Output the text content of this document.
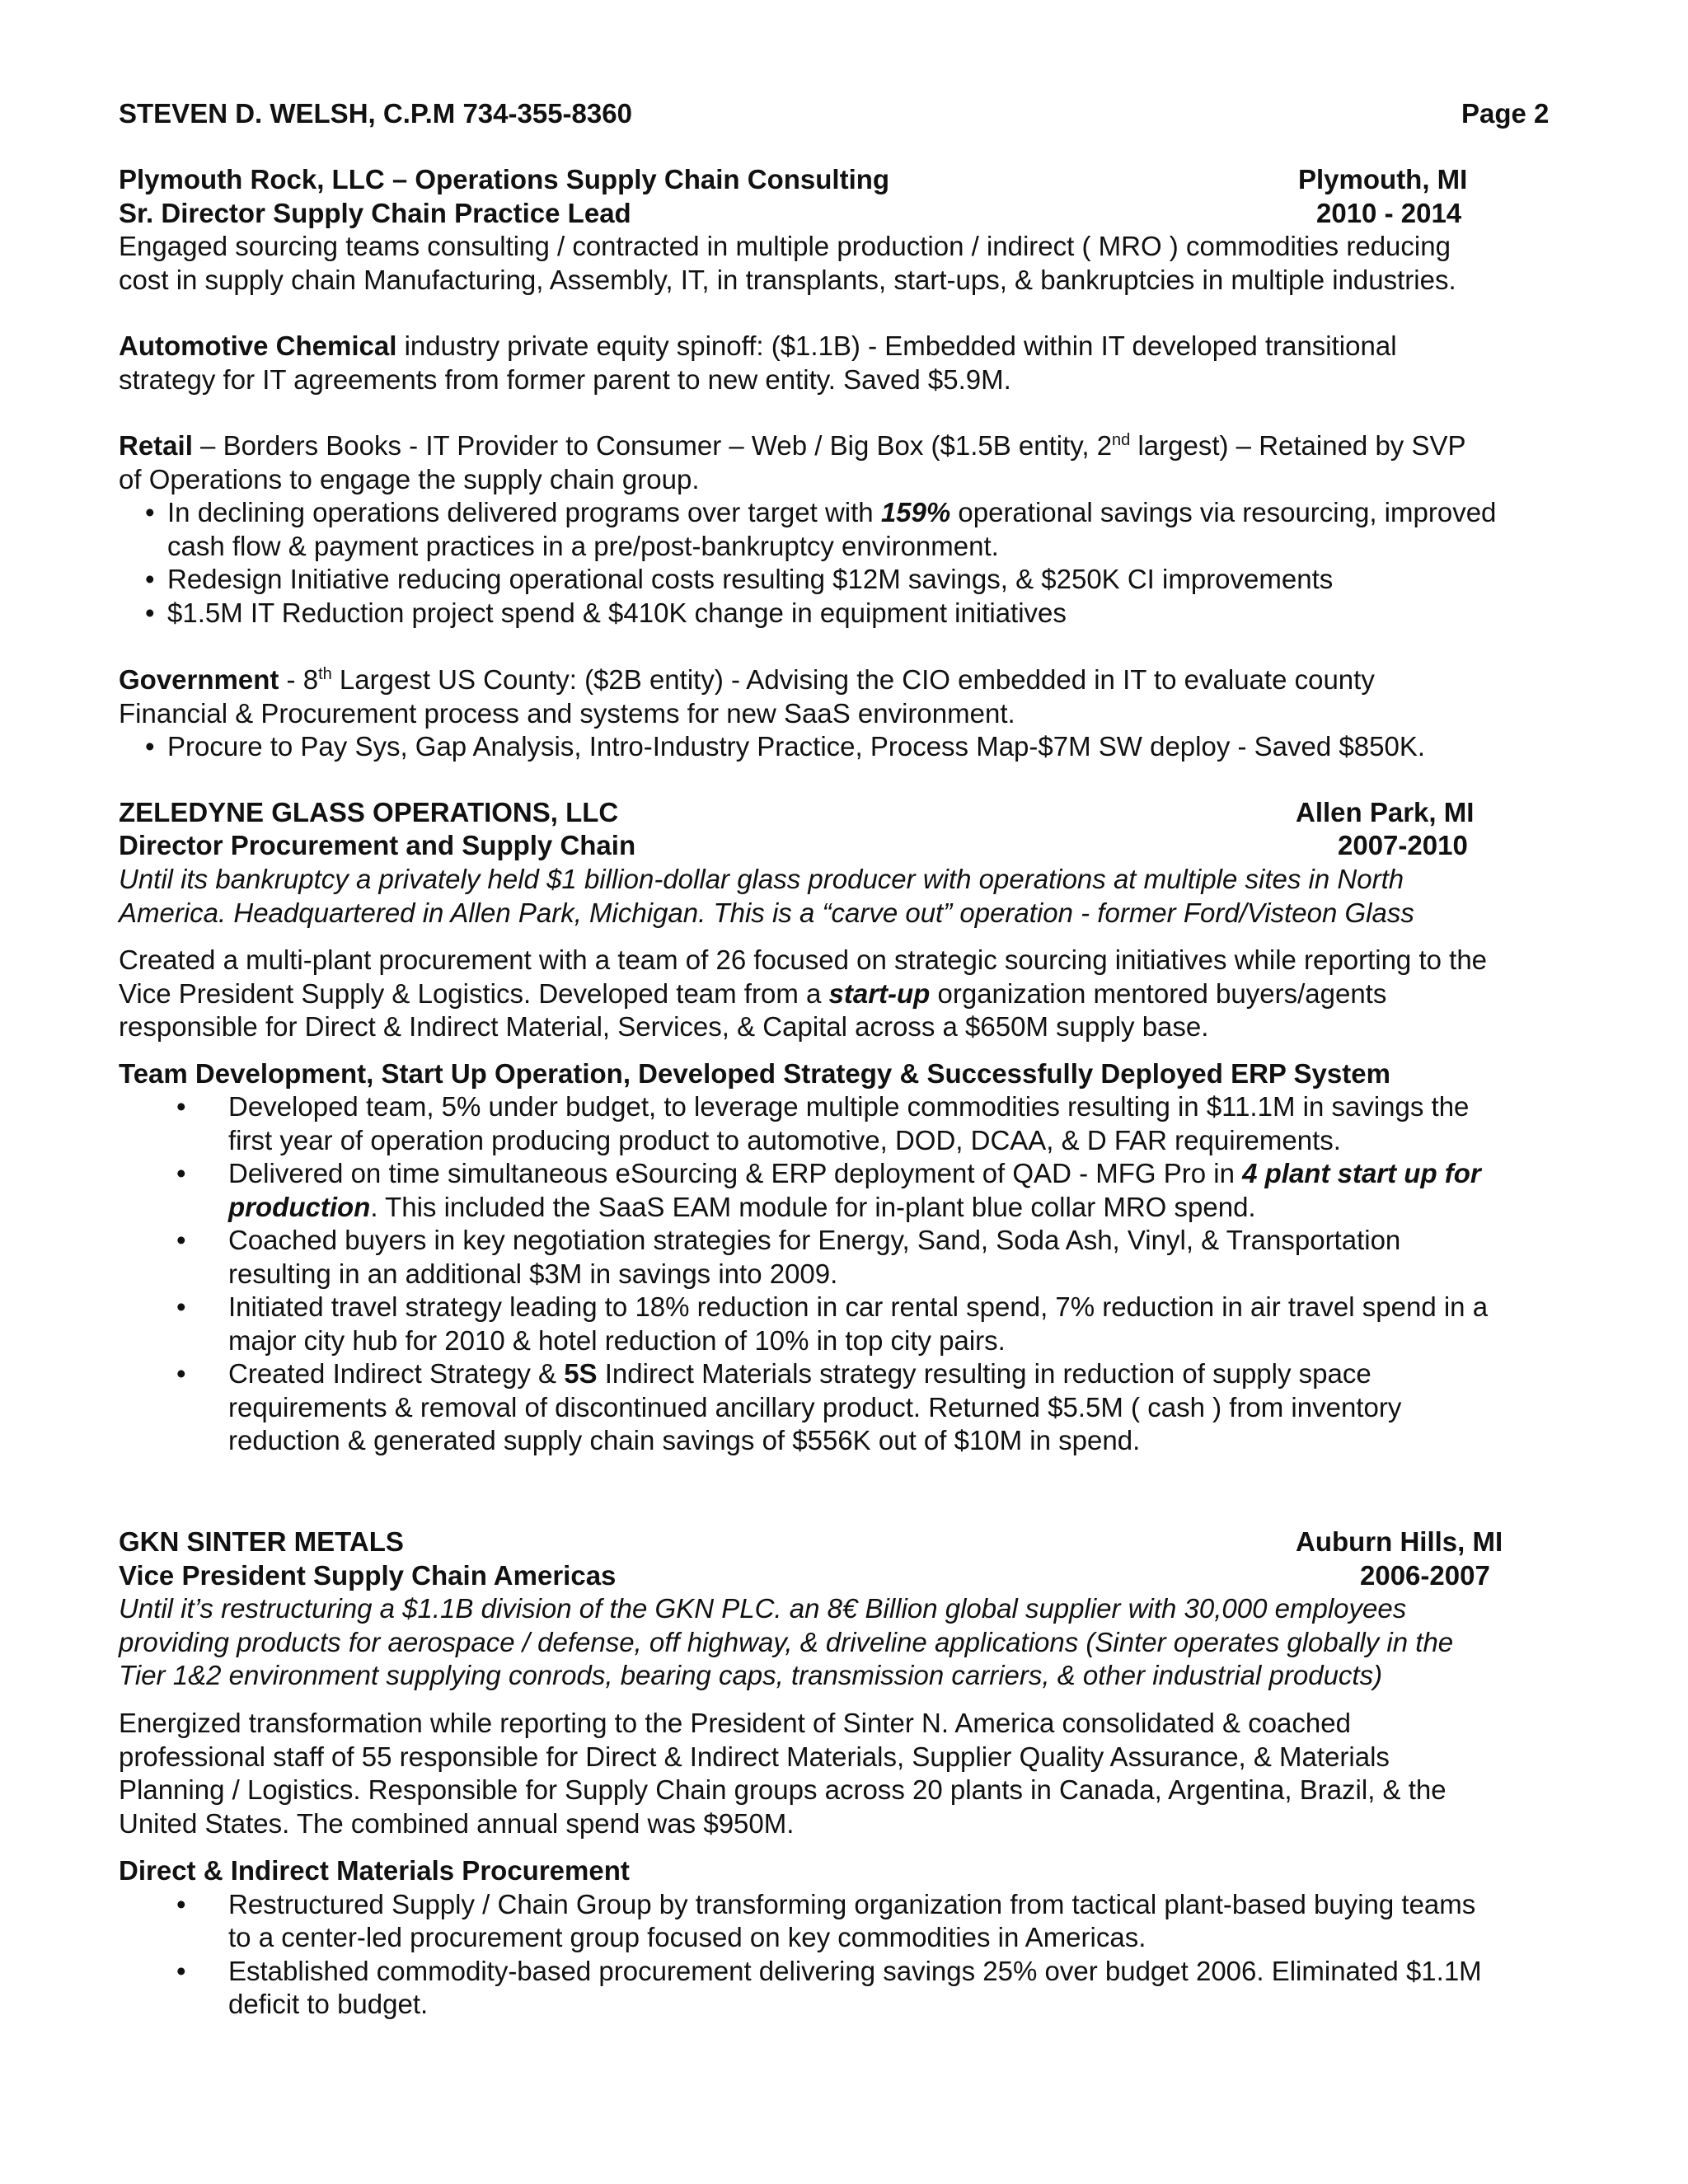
STEVEN D. WELSH, C.P.M 734-355-8360	Page 2
Plymouth Rock, LLC – Operations Supply Chain Consulting	Plymouth, MI
Sr. Director Supply Chain Practice Lead	2010 - 2014
Engaged sourcing teams consulting / contracted in multiple production / indirect ( MRO ) commodities reducing
cost in supply chain Manufacturing, Assembly, IT, in transplants, start-ups, & bankruptcies in multiple industries.
Automotive Chemical industry private equity spinoff: ($1.1B) - Embedded within IT developed transitional
strategy for IT agreements from former parent to new entity. Saved $5.9M.
Retail – Borders Books - IT Provider to Consumer – Web / Big Box ($1.5B entity, 2nd largest) – Retained by SVP
of Operations to engage the supply chain group.
• In declining operations delivered programs over target with 159% operational savings via resourcing, improved
cash flow & payment practices in a pre/post-bankruptcy environment.
• Redesign Initiative reducing operational costs resulting $12M savings, & $250K CI improvements
• $1.5M IT Reduction project spend & $410K change in equipment initiatives
Government - 8th Largest US County: ($2B entity) - Advising the CIO embedded in IT to evaluate county
Financial & Procurement process and systems for new SaaS environment.
• Procure to Pay Sys, Gap Analysis, Intro-Industry Practice, Process Map-$7M SW deploy - Saved $850K.
ZELEDYNE GLASS OPERATIONS, LLC	Allen Park, MI
Director Procurement and Supply Chain	2007-2010
Until its bankruptcy a privately held $1 billion-dollar glass producer with operations at multiple sites in North
America. Headquartered in Allen Park, Michigan. This is a “carve out” operation - former Ford/Visteon Glass
Created a multi-plant procurement with a team of 26 focused on strategic sourcing initiatives while reporting to the
Vice President Supply & Logistics. Developed team from a start-up organization mentored buyers/agents
responsible for Direct & Indirect Material, Services, & Capital across a $650M supply base.
Team Development, Start Up Operation, Developed Strategy & Successfully Deployed ERP System
• Developed team, 5% under budget, to leverage multiple commodities resulting in $11.1M in savings the
first year of operation producing product to automotive, DOD, DCAA, & D FAR requirements.
• Delivered on time simultaneous eSourcing & ERP deployment of QAD - MFG Pro in 4 plant start up for
production. This included the SaaS EAM module for in-plant blue collar MRO spend.
• Coached buyers in key negotiation strategies for Energy, Sand, Soda Ash, Vinyl, & Transportation
resulting in an additional $3M in savings into 2009.
• Initiated travel strategy leading to 18% reduction in car rental spend, 7% reduction in air travel spend in a
major city hub for 2010 & hotel reduction of 10% in top city pairs.
• Created Indirect Strategy & 5S Indirect Materials strategy resulting in reduction of supply space
requirements & removal of discontinued ancillary product. Returned $5.5M ( cash ) from inventory
reduction & generated supply chain savings of $556K out of $10M in spend.
GKN SINTER METALS	Auburn Hills, MI
Vice President Supply Chain Americas	2006-2007
Until it’s restructuring a $1.1B division of the GKN PLC. an 8€ Billion global supplier with 30,000 employees
providing products for aerospace / defense, off highway, & driveline applications (Sinter operates globally in the
Tier 1&2 environment supplying conrods, bearing caps, transmission carriers, & other industrial products)
Energized transformation while reporting to the President of Sinter N. America consolidated & coached
professional staff of 55 responsible for Direct & Indirect Materials, Supplier Quality Assurance, & Materials
Planning / Logistics. Responsible for Supply Chain groups across 20 plants in Canada, Argentina, Brazil, & the
United States. The combined annual spend was $950M.
Direct & Indirect Materials Procurement
• Restructured Supply / Chain Group by transforming organization from tactical plant-based buying teams
to a center-led procurement group focused on key commodities in Americas.
• Established commodity-based procurement delivering savings 25% over budget 2006. Eliminated $1.1M
deficit to budget.
